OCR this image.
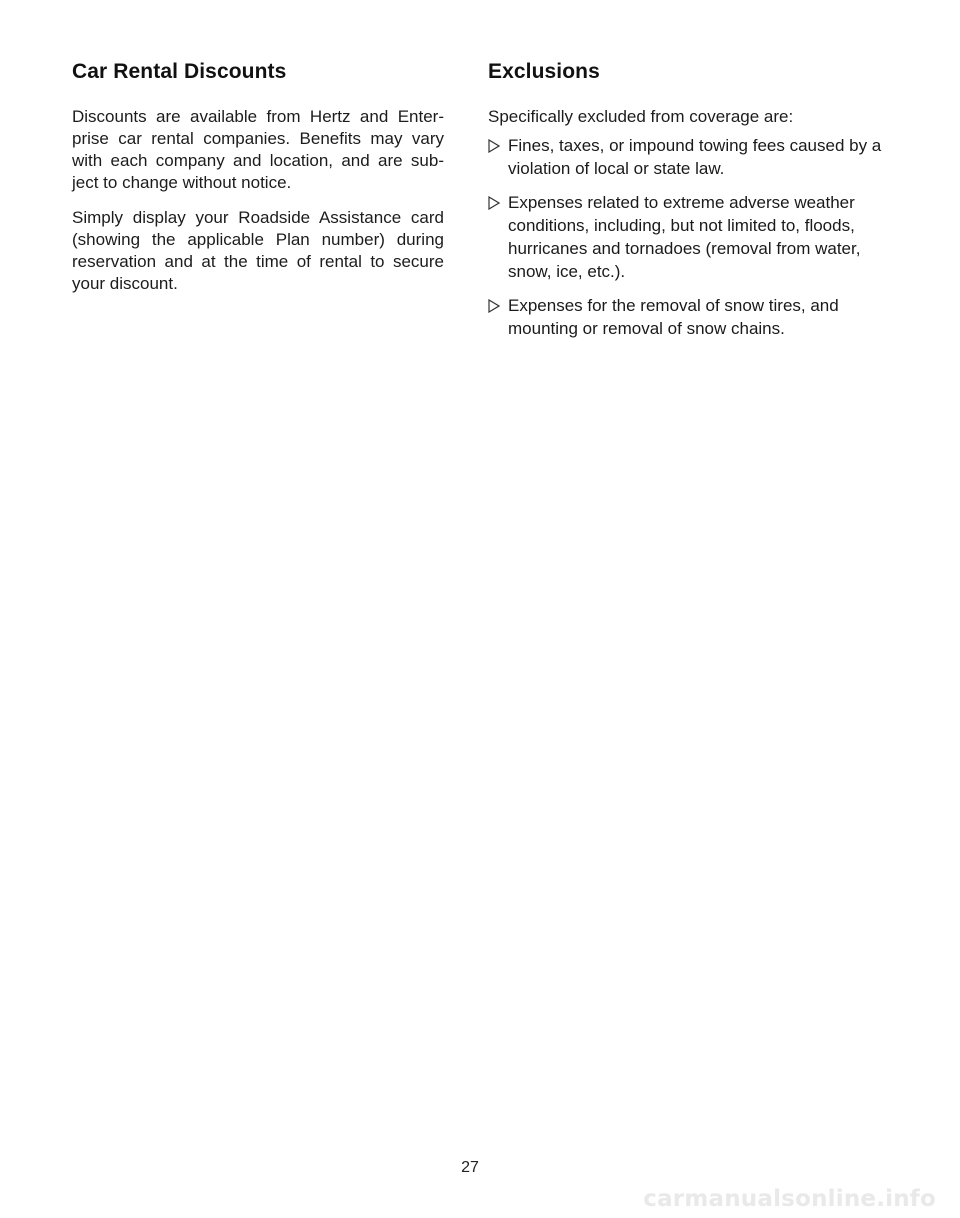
Car Rental Discounts

Discounts are available from Hertz and Enter-
prise car rental companies. Benefits may vary
with each company and location, and are sub-
ject to change without notice.

Simply display your Roadside Assistance card
(showing the applicable Plan number) during
reservation and at the time of rental to secure
your discount.

Exclusions

Specifically excluded from coverage are:

Fines, taxes, or impound towing fees caused by a violation of local or state law.
Expenses related to extreme adverse weather conditions, including, but not limited to, floods, hurricanes and tornadoes (removal from water, snow, ice, etc.).
Expenses for the removal of snow tires, and mounting or removal of snow chains.
27
carmanualsonline.info
